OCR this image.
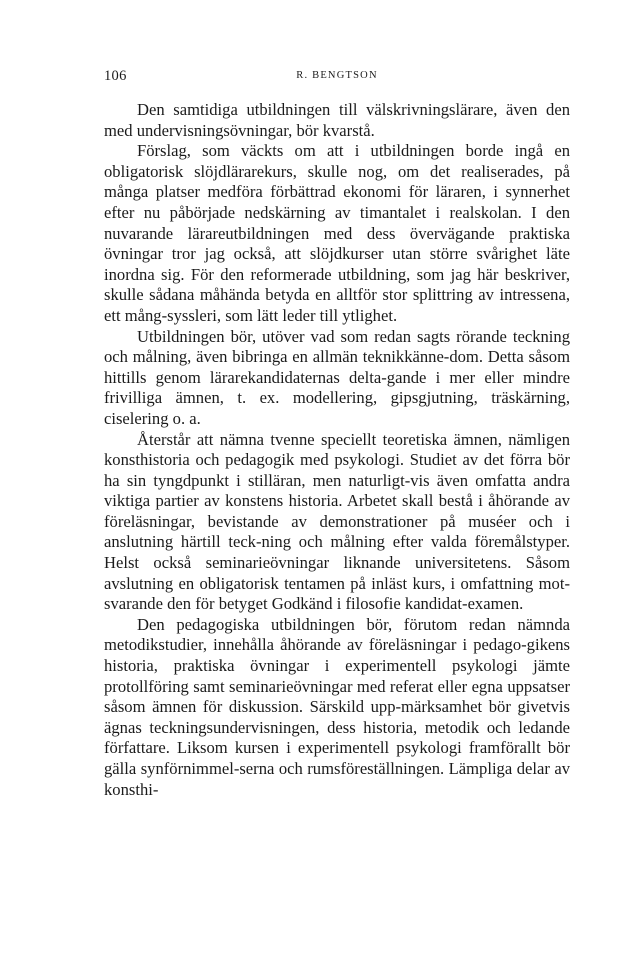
106	R. BENGTSON

Den samtidiga utbildningen till välskrivningslärare, även den med undervisningsövningar, bör kvarstå.

Förslag, som väckts om att i utbildningen borde ingå en obligatorisk slöjdlärarekurs, skulle nog, om det realiserades, på många platser medföra förbättrad ekonomi för läraren, i synnerhet efter nu påbörjade nedskärning av timantalet i realskolan. I den nuvarande lärareutbildningen med dess övervägande praktiska övningar tror jag också, att slöjdkurser utan större svårighet läte inordna sig. För den reformerade utbildning, som jag här beskriver, skulle sådana måhända betyda en alltför stor splittring av intressena, ett mång-syssleri, som lätt leder till ytlighet.

Utbildningen bör, utöver vad som redan sagts rörande teckning och målning, även bibringa en allmän teknikkänne-dom. Detta såsom hittills genom lärarekandidaternas delta-gande i mer eller mindre frivilliga ämnen, t. ex. modellering, gipsgjutning, träskärning, ciselering o. a.

Återstår att nämna tvenne speciellt teoretiska ämnen, nämligen konsthistoria och pedagogik med psykologi. Studiet av det förra bör ha sin tyngdpunkt i stilläran, men naturligt-vis även omfatta andra viktiga partier av konstens historia. Arbetet skall bestå i åhörande av föreläsningar, bevistande av demonstrationer på muséer och i anslutning härtill teck-ning och målning efter valda föremålstyper. Helst också seminarieövningar liknande universitetens. Såsom avslutning en obligatorisk tentamen på inläst kurs, i omfattning mot-svarande den för betyget Godkänd i filosofie kandidat-examen.

Den pedagogiska utbildningen bör, förutom redan nämnda metodikstudier, innehålla åhörande av föreläsningar i pedago-gikens historia, praktiska övningar i experimentell psykologi jämte protollföring samt seminarieövningar med referat eller egna uppsatser såsom ämnen för diskussion. Särskild upp-märksamhet bör givetvis ägnas teckningsundervisningen, dess historia, metodik och ledande författare. Liksom kursen i experimentell psykologi framförallt bör gälla synförnimmel-serna och rumsföreställningen. Lämpliga delar av konsthi-
